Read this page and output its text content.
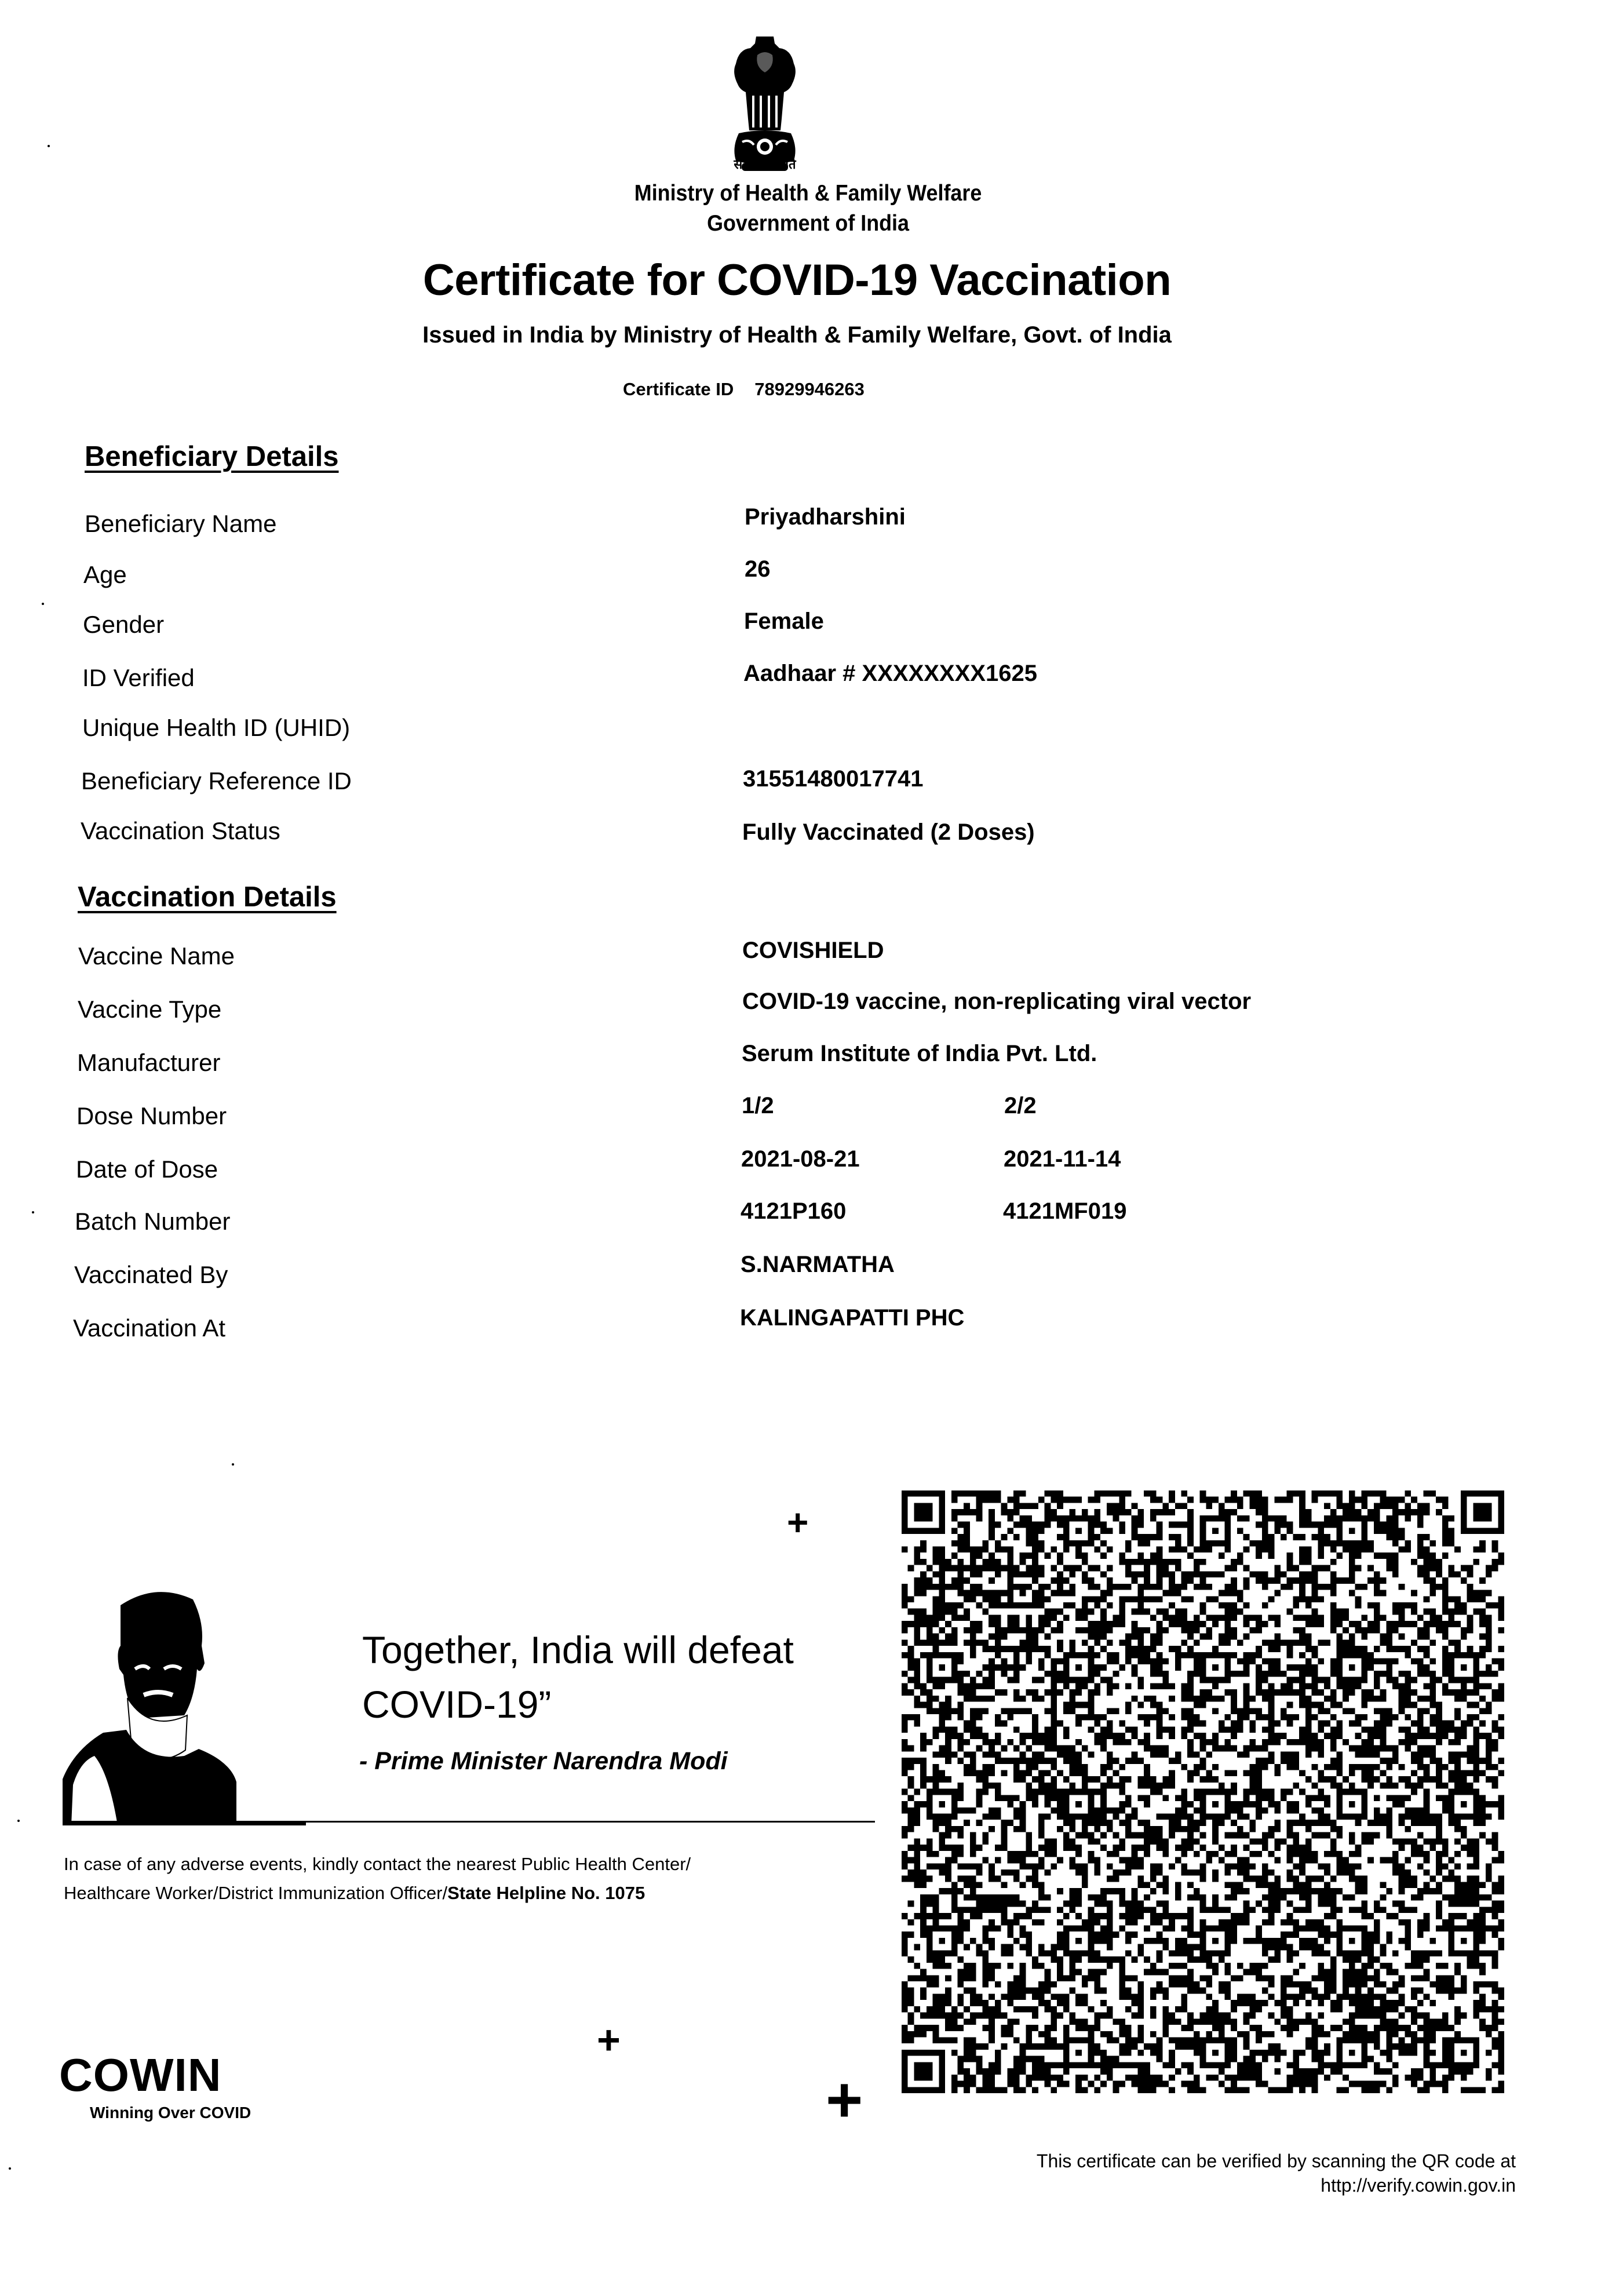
सत्यमेव जयते
Ministry of Health & Family Welfare
Government of India
Certificate for COVID-19 Vaccination
Issued in India by Ministry of Health & Family Welfare, Govt. of India
Certificate ID 78929946263
Beneficiary Details
Beneficiary Name	Priyadharshini
Age	26
Gender	Female
ID Verified	Aadhaar # XXXXXXXX1625
Unique Health ID (UHID)
Beneficiary Reference ID	31551480017741
Vaccination Status	Fully Vaccinated (2 Doses)
Vaccination Details
Vaccine Name	COVISHIELD
Vaccine Type	COVID-19 vaccine, non-replicating viral vector
Manufacturer	Serum Institute of India Pvt. Ltd.
Dose Number	1/2	2/2
Date of Dose	2021-08-21	2021-11-14
Batch Number	4121P160	4121MF019
Vaccinated By	S.NARMATHA
Vaccination At	KALINGAPATTI PHC
+
Together, India will defeat
COVID-19”
- Prime Minister Narendra Modi
In case of any adverse events, kindly contact the nearest Public Health Center/
Healthcare Worker/District Immunization Officer/State Helpline No. 1075
COWIN
Winning Over COVID
+
+
This certificate can be verified by scanning the QR code at
http://verify.cowin.gov.in
